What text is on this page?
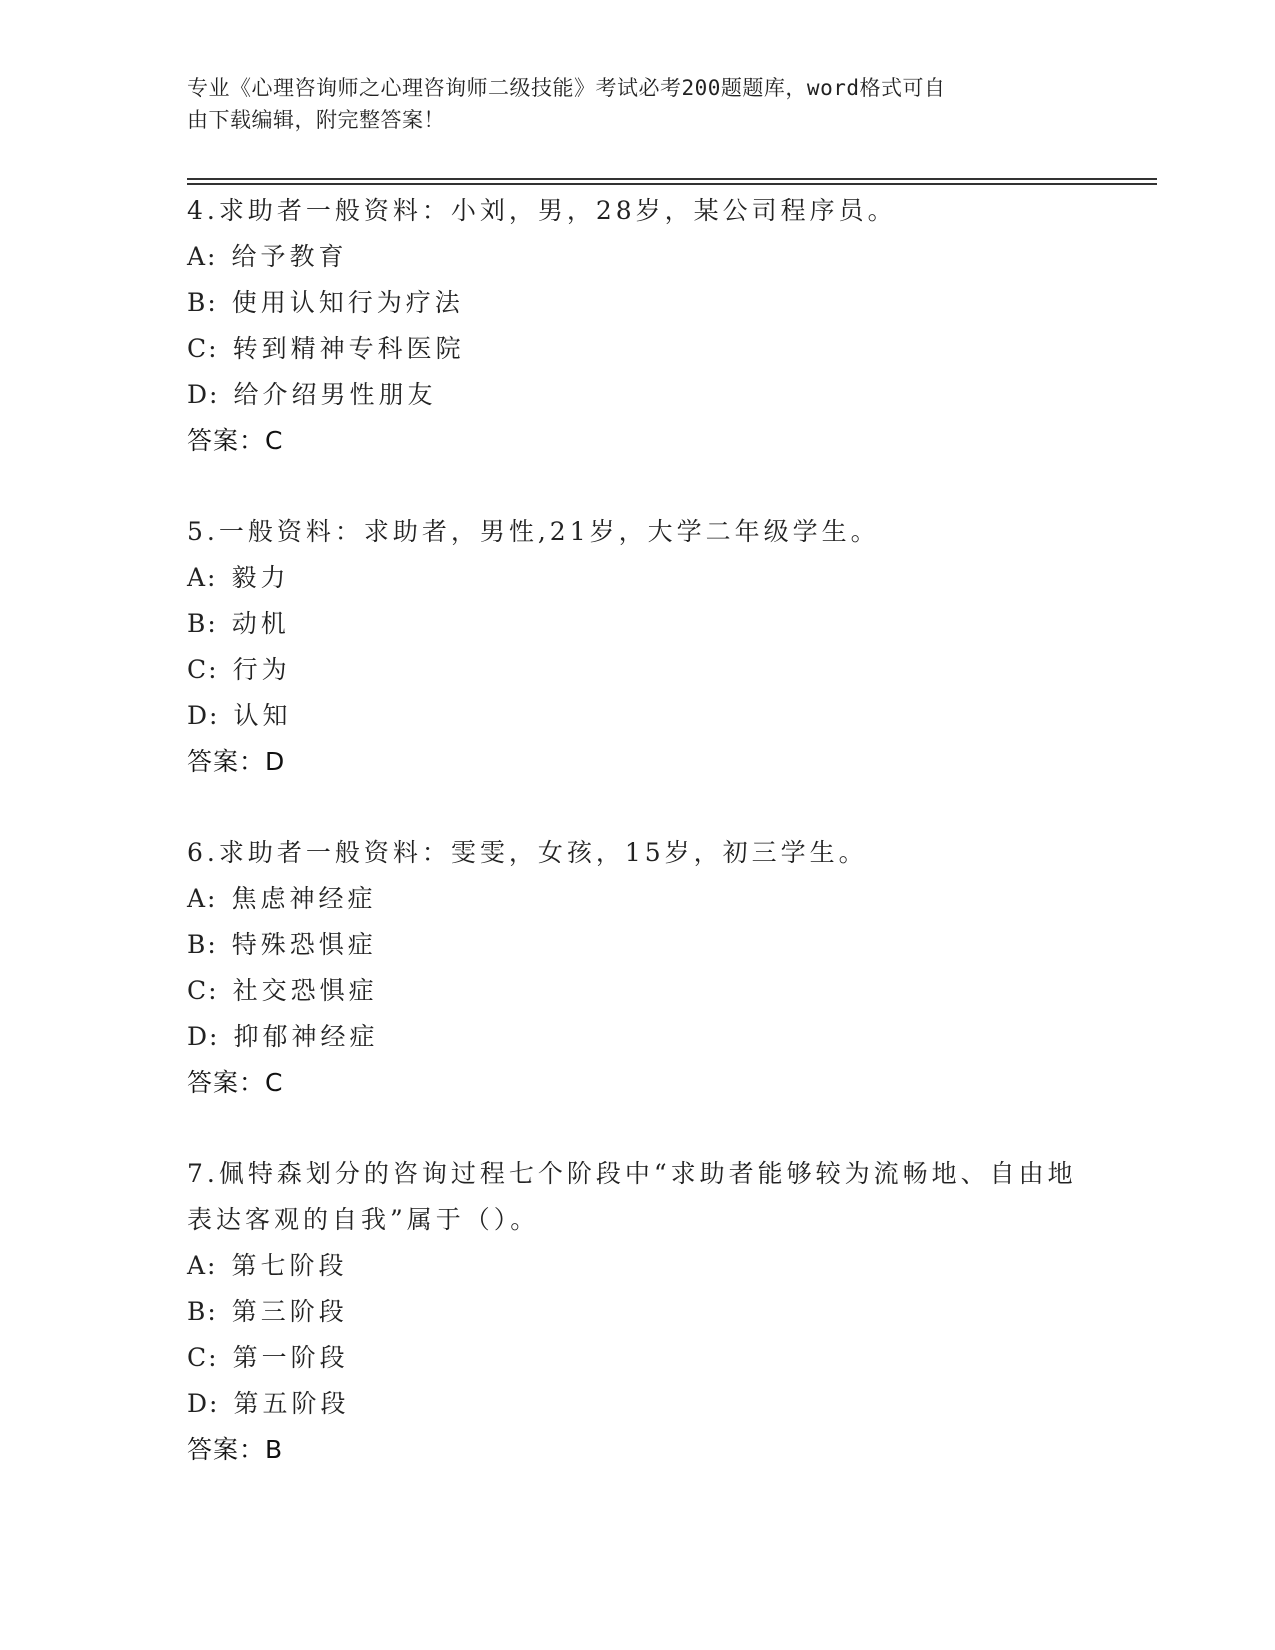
专业《心理咨询师之心理咨询师二级技能》考试必考200题题库，word格式可自
由下载编辑，附完整答案！
4.求助者一般资料：小刘，男，28岁，某公司程序员。
A: 给予教育
B: 使用认知行为疗法
C: 转到精神专科医院
D: 给介绍男性朋友
答案：C
5.一般资料：求助者，男性,21岁，大学二年级学生。
A: 毅力
B: 动机
C: 行为
D: 认知
答案：D
6.求助者一般资料：雯雯，女孩，15岁，初三学生。
A: 焦虑神经症
B: 特殊恐惧症
C: 社交恐惧症
D: 抑郁神经症
答案：C
7.佩特森划分的咨询过程七个阶段中“求助者能够较为流畅地、自由地表达客观的自我”属于（）。
A: 第七阶段
B: 第三阶段
C: 第一阶段
D: 第五阶段
答案：B
